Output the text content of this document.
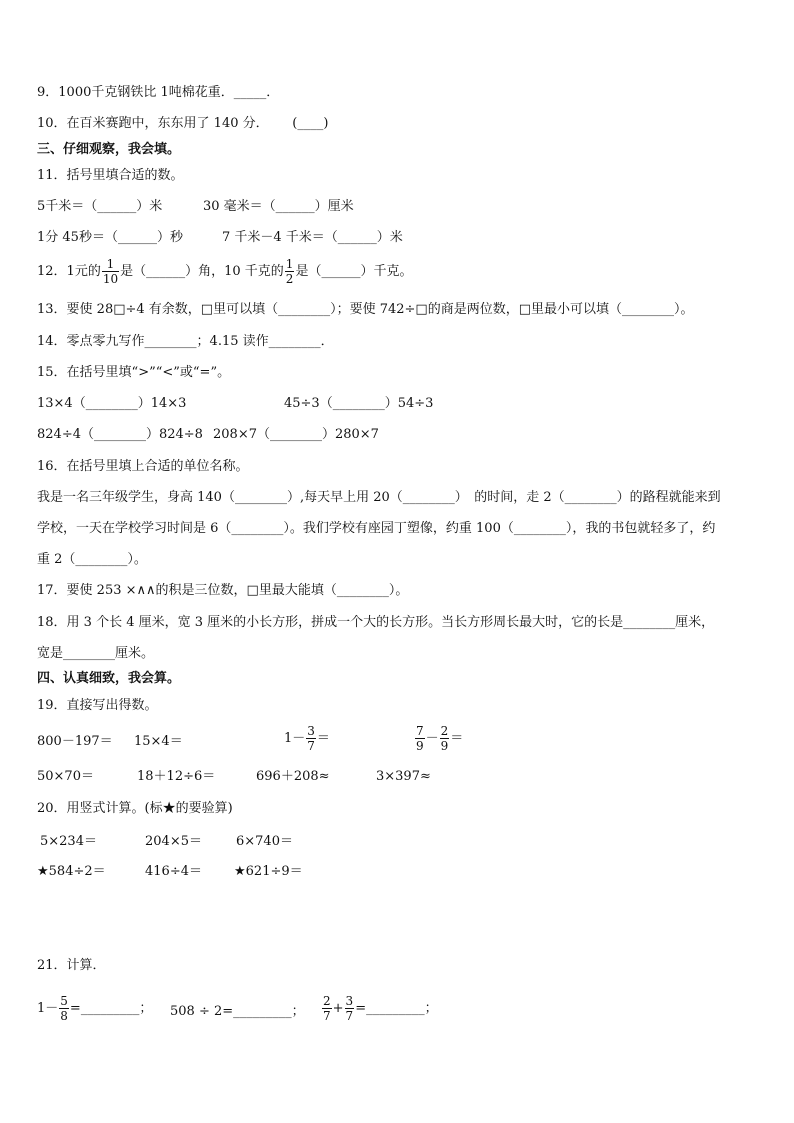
9．1000千克钢铁比 1吨棉花重．_____．
10．在百米赛跑中，东东用了 140 分．　　 (____)
三、仔细观察，我会填。
11．括号里填合适的数。
5千米＝（______）米	30 毫米＝（______）厘米
1分 45秒＝（______）秒	7 千米－4 千米＝（______）米
12．1元的 $\frac{1}{10}$ 是（______）角，10 千克的 $\frac{1}{2}$ 是（______）千克。
13．要使 28□÷4 有余数，□里可以填（________）；要使 742÷□的商是两位数，□里最小可以填（________）。
14．零点零九写作________；4.15 读作________．
15．在括号里填“>”“<”或“=”。
13×4（________）14×3	45÷3（________）54÷3
824÷4（________）824÷8 208×7（________）280×7
16．在括号里填上合适的单位名称。
我是一名三年级学生，身高 140（________）,每天早上用 20（________）　的时间，走 2（________）的路程就能来到
学校，一天在学校学习时间是 6（________）。我们学校有座园丁塑像，约重 100（________），我的书包就轻多了，约
重 2（________）。
17．要使 253 ×∧∧的积是三位数，□里最大能填（________）。
18．用 3 个长 4 厘米，宽 3 厘米的小长方形，拼成一个大的长方形。当长方形周长最大时，它的长是________厘米，
宽是________厘米。
四、认真细致，我会算。
19．直接写出得数。
800－197＝ 15×4＝	$1- \frac{3}{7}$ ＝	$\frac{7}{9} - \frac{2}{9}$ ＝
50×70＝	18＋12÷6＝	696＋208≈	3×397≈
20．用竖式计算。(标★的要验算)
5×234＝	204×5＝	6×740＝
★584÷2＝	416÷4＝ ★621÷9＝
21．计算．
$1- \frac{5}{8}$ =_________； 508 ÷ 2=_________； $\frac{2}{7} + \frac{3}{7}$ =_________；
